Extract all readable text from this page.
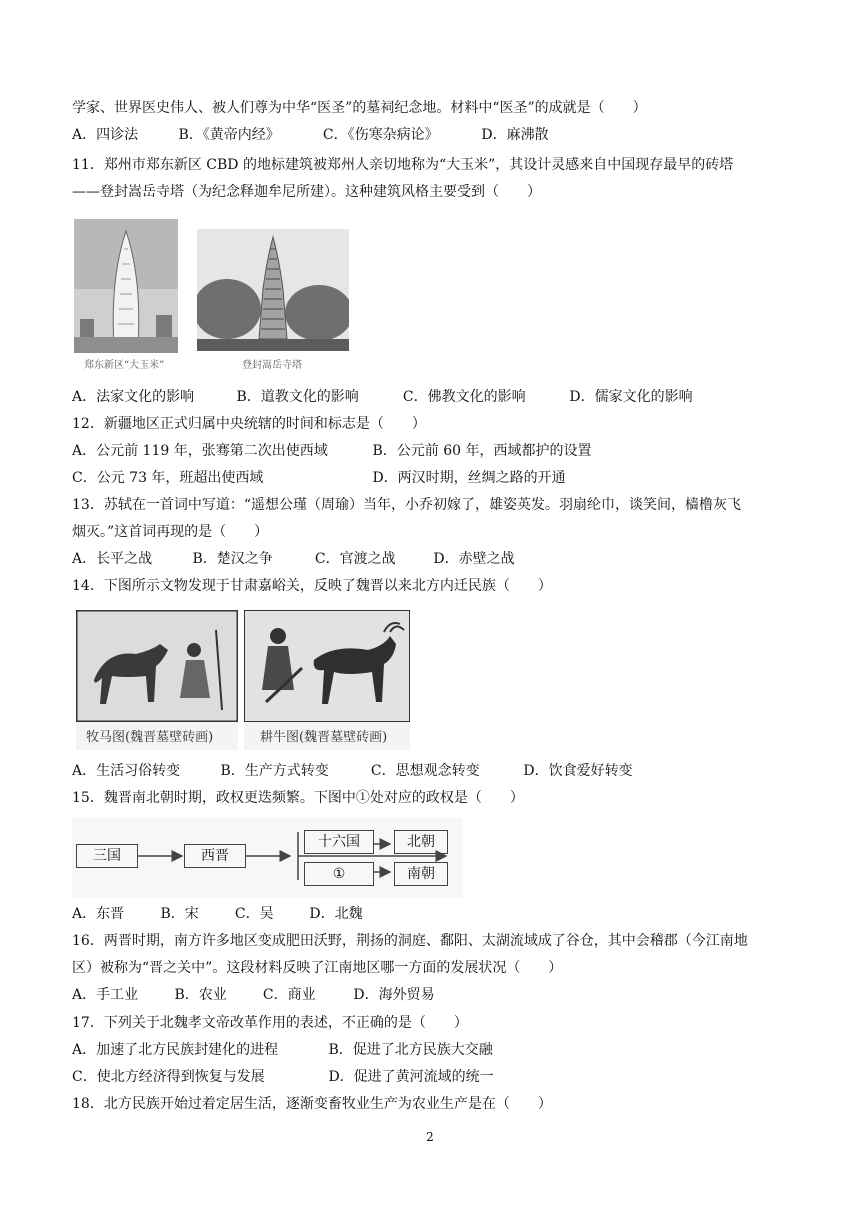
学家、世界医史伟人、被人们尊为中华“医圣”的墓祠纪念地。材料中“医圣”的成就是（　　）
A．四诊法	B．《黄帝内经》	C．《伤寒杂病论》	D．麻沸散
11．郑州市郑东新区 CBD 的地标建筑被郑州人亲切地称为“大玉米”，其设计灵感来自中国现存最早的砖塔
——登封嵩岳寺塔（为纪念释迦牟尼所建）。这种建筑风格主要受到（　　）
郑东新区“大玉米”	登封嵩岳寺塔
A．法家文化的影响	B．道教文化的影响	C．佛教文化的影响	D．儒家文化的影响
12．新疆地区正式归属中央统辖的时间和标志是（　　）
A．公元前 119 年，张骞第二次出使西域	B．公元前 60 年，西域都护的设置
C．公元 73 年，班超出使西域	D．两汉时期，丝绸之路的开通
13．苏轼在一首词中写道：“遥想公瑾（周瑜）当年，小乔初嫁了，雄姿英发。羽扇纶巾，谈笑间，樯橹灰飞
烟灭。”这首词再现的是（　　）
A．长平之战	B．楚汉之争	C．官渡之战	D．赤壁之战
14．下图所示文物发现于甘肃嘉峪关，反映了魏晋以来北方内迁民族（　　）
牧马图(魏晋墓壁砖画)	耕牛图(魏晋墓壁砖画)
A．生活习俗转变	B．生产方式转变	C．思想观念转变	D．饮食爱好转变
15．魏晋南北朝时期，政权更迭频繁。下图中①处对应的政权是（　　）
三国	西晋
十六国
①
北朝
南朝
A．东晋	B．宋	C．吴	D．北魏
16．两晋时期，南方许多地区变成肥田沃野，荆扬的洞庭、鄱阳、太湖流域成了谷仓，其中会稽郡（今江南地
区）被称为“晋之关中”。这段材料反映了江南地区哪一方面的发展状况（　　）
A．手工业	B．农业	C．商业	D．海外贸易
17．下列关于北魏孝文帝改革作用的表述，不正确的是（　　）
A．加速了北方民族封建化的进程	B．促进了北方民族大交融
C．使北方经济得到恢复与发展	D．促进了黄河流域的统一
18．北方民族开始过着定居生活，逐渐变畜牧业生产为农业生产是在（　　）
2
